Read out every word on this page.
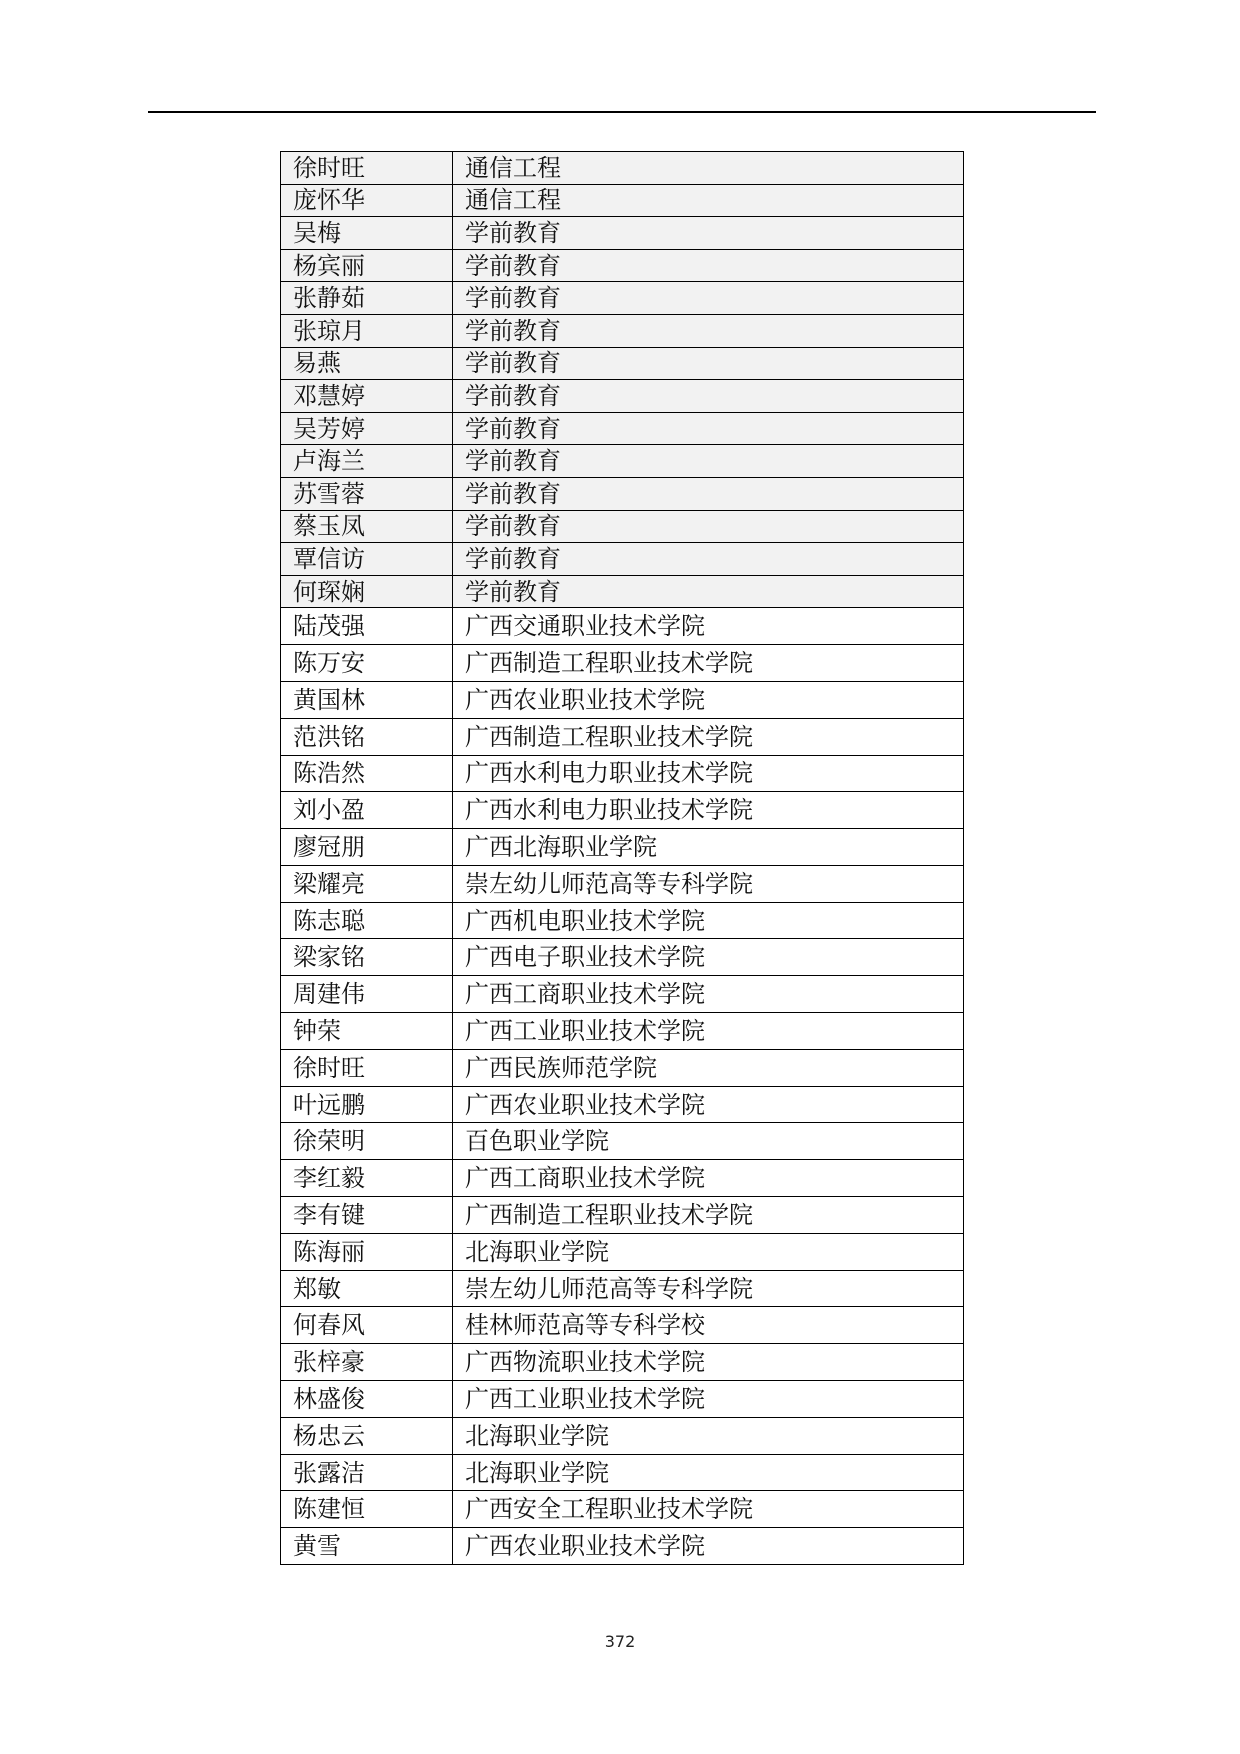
徐时旺	通信工程
庞怀华	通信工程
吴梅	学前教育
杨宾丽	学前教育
张静茹	学前教育
张琼月	学前教育
易燕	学前教育
邓慧婷	学前教育
吴芳婷	学前教育
卢海兰	学前教育
苏雪蓉	学前教育
蔡玉凤	学前教育
覃信访	学前教育
何琛娴	学前教育
陆茂强	广西交通职业技术学院
陈万安	广西制造工程职业技术学院
黄国林	广西农业职业技术学院
范洪铭	广西制造工程职业技术学院
陈浩然	广西水利电力职业技术学院
刘小盈	广西水利电力职业技术学院
廖冠朋	广西北海职业学院
梁耀亮	崇左幼儿师范高等专科学院
陈志聪	广西机电职业技术学院
梁家铭	广西电子职业技术学院
周建伟	广西工商职业技术学院
钟荣	广西工业职业技术学院
徐时旺	广西民族师范学院
叶远鹏	广西农业职业技术学院
徐荣明	百色职业学院
李红毅	广西工商职业技术学院
李有键	广西制造工程职业技术学院
陈海丽	北海职业学院
郑敏	崇左幼儿师范高等专科学院
何春风	桂林师范高等专科学校
张梓豪	广西物流职业技术学院
林盛俊	广西工业职业技术学院
杨忠云	北海职业学院
张露洁	北海职业学院
陈建恒	广西安全工程职业技术学院
黄雪	广西农业职业技术学院
372
